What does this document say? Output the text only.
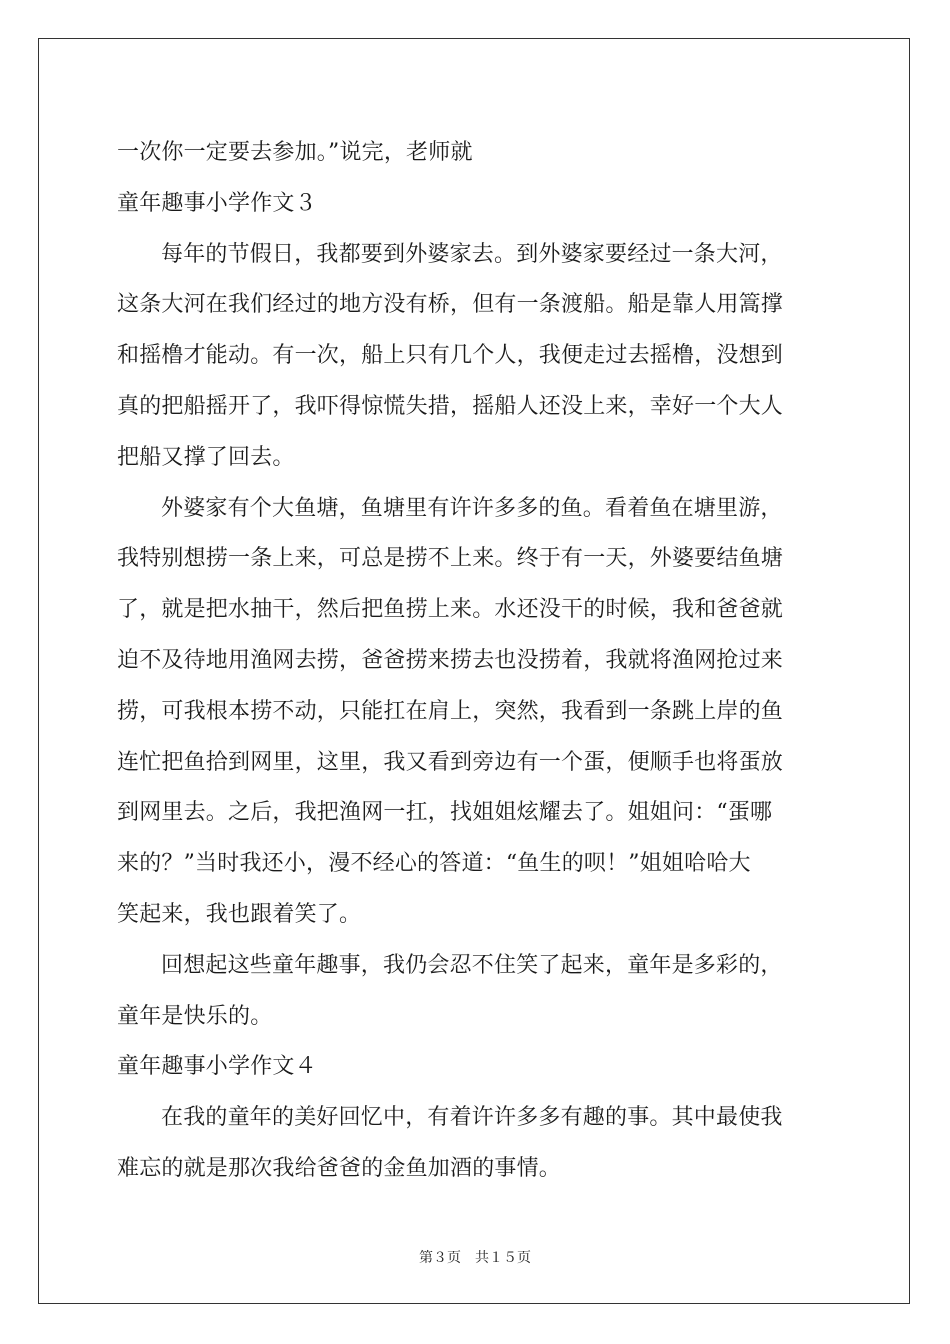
一次你一定要去参加。”说完，老师就
童年趣事小学作文３
每年的节假日，我都要到外婆家去。到外婆家要经过一条大河，
这条大河在我们经过的地方没有桥，但有一条渡船。船是靠人用篙撑
和摇橹才能动。有一次，船上只有几个人，我便走过去摇橹，没想到
真的把船摇开了，我吓得惊慌失措，摇船人还没上来，幸好一个大人
把船又撑了回去。
外婆家有个大鱼塘，鱼塘里有许许多多的鱼。看着鱼在塘里游，
我特别想捞一条上来，可总是捞不上来。终于有一天，外婆要结鱼塘
了，就是把水抽干，然后把鱼捞上来。水还没干的时候，我和爸爸就
迫不及待地用渔网去捞，爸爸捞来捞去也没捞着，我就将渔网抢过来
捞，可我根本捞不动，只能扛在肩上，突然，我看到一条跳上岸的鱼
连忙把鱼拾到网里，这里，我又看到旁边有一个蛋，便顺手也将蛋放
到网里去。之后，我把渔网一扛，找姐姐炫耀去了。姐姐问：“蛋哪
来的？”当时我还小，漫不经心的答道：“鱼生的呗！”姐姐哈哈大
笑起来，我也跟着笑了。
回想起这些童年趣事，我仍会忍不住笑了起来，童年是多彩的，
童年是快乐的。
童年趣事小学作文４
在我的童年的美好回忆中，有着许许多多有趣的事。其中最使我
难忘的就是那次我给爸爸的金鱼加酒的事情。
第３页 共１５页
